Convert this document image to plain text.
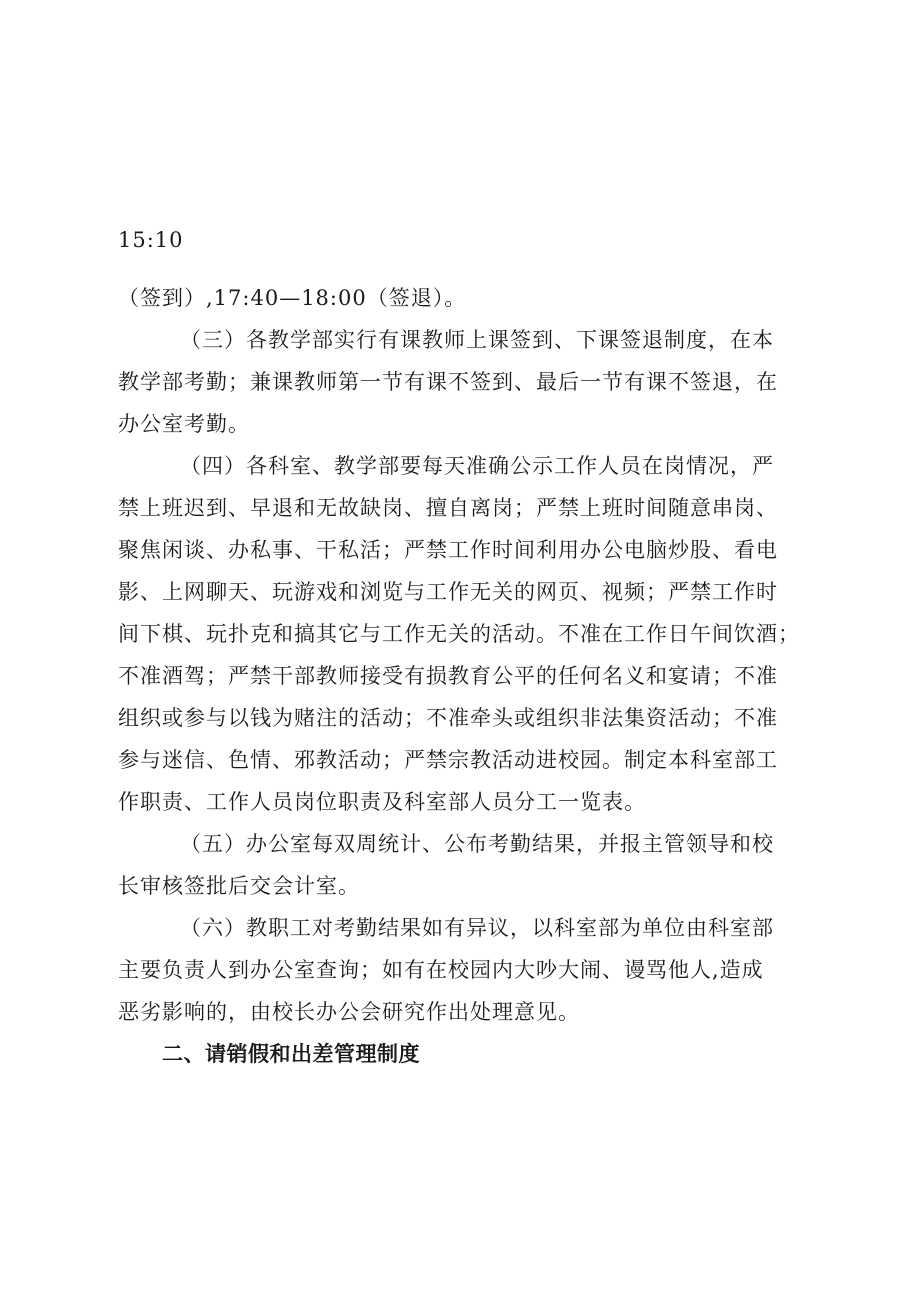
15:10
（签到）,17:40—18:00（签退）。
（三）各教学部实行有课教师上课签到、下课签退制度，在本
教学部考勤；兼课教师第一节有课不签到、最后一节有课不签退，在
办公室考勤。
（四）各科室、教学部要每天准确公示工作人员在岗情况，严
禁上班迟到、早退和无故缺岗、擅自离岗；严禁上班时间随意串岗、
聚焦闲谈、办私事、干私活；严禁工作时间利用办公电脑炒股、看电
影、上网聊天、玩游戏和浏览与工作无关的网页、视频；严禁工作时
间下棋、玩扑克和搞其它与工作无关的活动。不准在工作日午间饮酒；
不准酒驾；严禁干部教师接受有损教育公平的任何名义和宴请；不准
组织或参与以钱为赌注的活动；不准牵头或组织非法集资活动；不准
参与迷信、色情、邪教活动；严禁宗教活动进校园。制定本科室部工
作职责、工作人员岗位职责及科室部人员分工一览表。
（五）办公室每双周统计、公布考勤结果，并报主管领导和校
长审核签批后交会计室。
（六）教职工对考勤结果如有异议，以科室部为单位由科室部
主要负责人到办公室查询；如有在校园内大吵大闹、谩骂他人,造成
恶劣影响的，由校长办公会研究作出处理意见。
二、请销假和出差管理制度
